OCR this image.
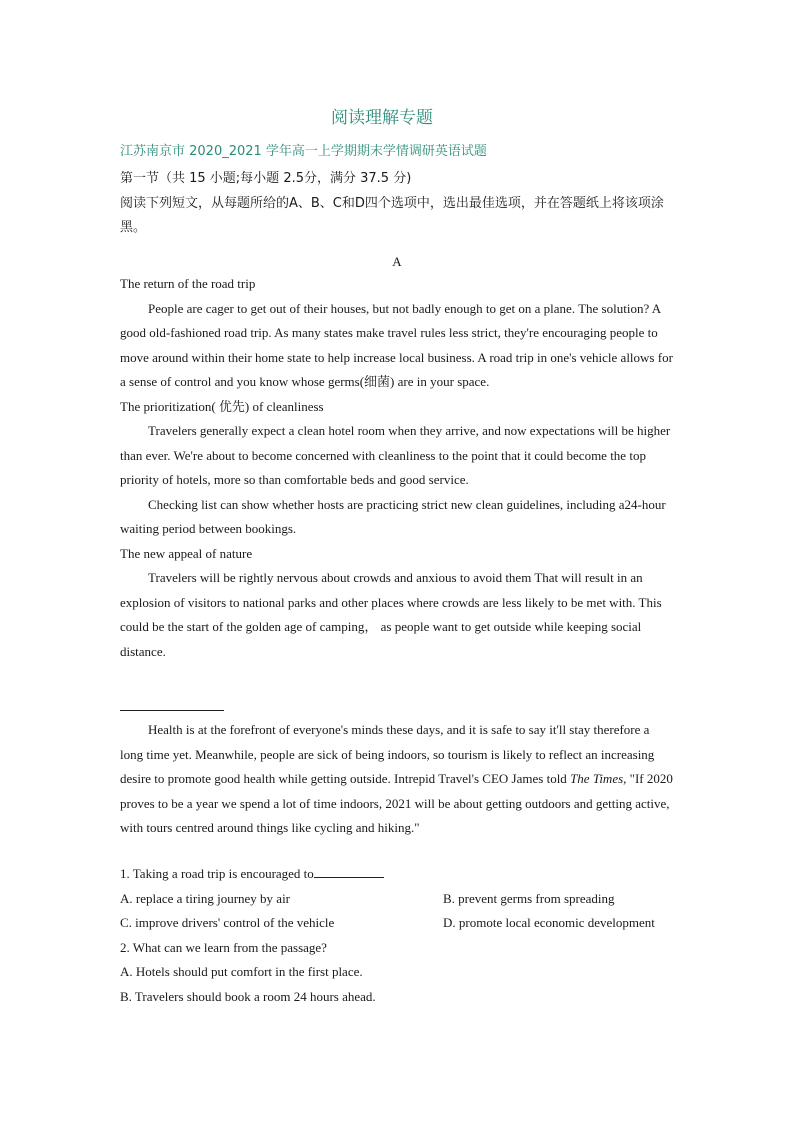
阅读理解专题
江苏南京市 2020_2021 学年高一上学期期末学情调研英语试题

第一节（共 15 小题;每小题 2.5分，满分 37.5 分)

阅读下列短文，从每题所给的A、B、C和D四个选项中，选出最佳选项，并在答题纸上将该项涂黑。

A

The return of the road trip

People are cager to get out of their houses, but not badly enough to get on a plane. The solution? A good old-fashioned road trip. As many states make travel rules less strict, they're encouraging people to move around within their home state to help increase local business. A road trip in one's vehicle allows for a sense of control and you know whose germs(细菌) are in your space.

The prioritization( 优先) of cleanliness

Travelers generally expect a clean hotel room when they arrive, and now expectations will be higher than ever. We're about to become concerned with cleanliness to the point that it could become the top priority of hotels, more so than comfortable beds and good service.

Checking list can show whether hosts are practicing strict new clean guidelines, including a24-hour waiting period between bookings.

The new appeal of nature

Travelers will be rightly nervous about crowds and anxious to avoid them That will result in an explosion of visitors to national parks and other places where crowds are less likely to be met with. This could be the start of the golden age of camping， as people want to get outside while keeping social distance.

Health is at the forefront of everyone's minds these days, and it is safe to say it'll stay therefore a long time yet. Meanwhile, people are sick of being indoors, so tourism is likely to reflect an increasing desire to promote good health while getting outside. Intrepid Travel's CEO James told The Times, "If 2020 proves to be a year we spend a lot of time indoors, 2021 will be about getting outdoors and getting active, with tours centred around things like cycling and hiking."

1. Taking a road trip is encouraged to

A. replace a tiring journey by air	B. prevent germs from spreading
C. improve drivers' control of the vehicle	D. promote local economic development

2. What can we learn from the passage?

A. Hotels should put comfort in the first place.

B. Travelers should book a room 24 hours ahead.
